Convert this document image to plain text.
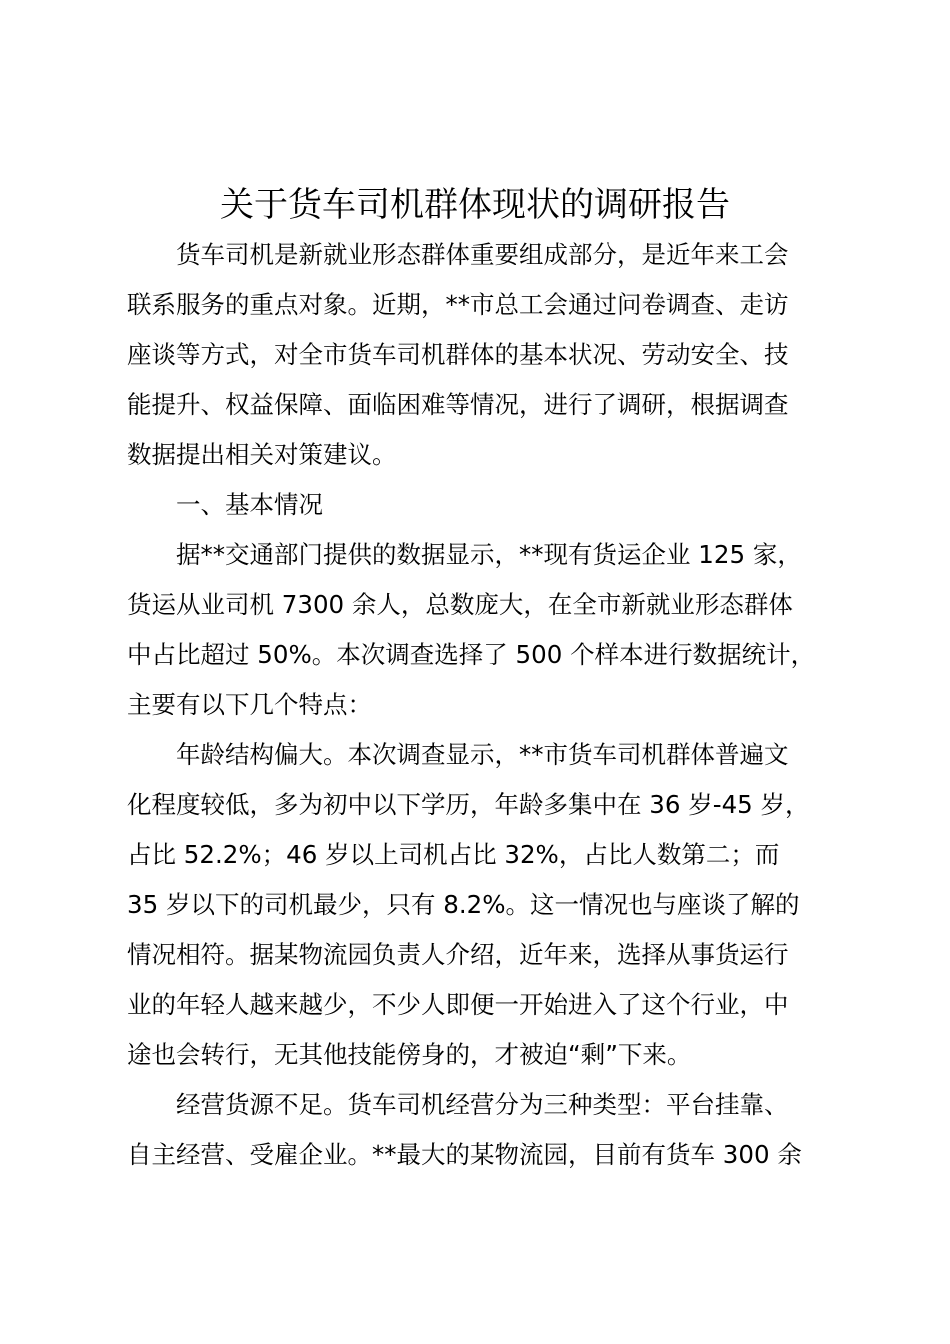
关于货车司机群体现状的调研报告
货车司机是新就业形态群体重要组成部分，是近年来工会
联系服务的重点对象。近期，**市总工会通过问卷调查、走访
座谈等方式，对全市货车司机群体的基本状况、劳动安全、技
能提升、权益保障、面临困难等情况，进行了调研，根据调查
数据提出相关对策建议。
一、基本情况
据**交通部门提供的数据显示，**现有货运企业 125 家，
货运从业司机 7300 余人，总数庞大，在全市新就业形态群体
中占比超过 50%。本次调查选择了 500 个样本进行数据统计，
主要有以下几个特点：
年龄结构偏大。本次调查显示，**市货车司机群体普遍文
化程度较低，多为初中以下学历，年龄多集中在 36 岁-45 岁，
占比 52.2%；46 岁以上司机占比 32%，占比人数第二；而
35 岁以下的司机最少，只有 8.2%。这一情况也与座谈了解的
情况相符。据某物流园负责人介绍，近年来，选择从事货运行
业的年轻人越来越少，不少人即便一开始进入了这个行业，中
途也会转行，无其他技能傍身的，才被迫“剩”下来。
经营货源不足。货车司机经营分为三种类型：平台挂靠、
自主经营、受雇企业。**最大的某物流园，目前有货车 300 余
